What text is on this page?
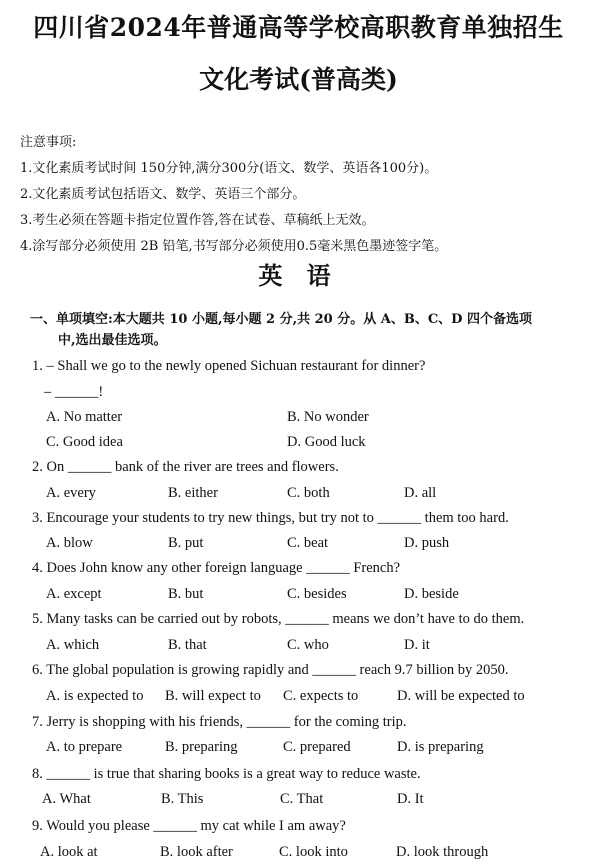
四川省2024年普通高等学校高职教育单独招生
文化考试(普高类)
注意事项:
1.文化素质考试时间 150分钟,满分300分(语文、数学、英语各100分)。
2.文化素质考试包括语文、数学、英语三个部分。
3.考生必须在答题卡指定位置作答,答在试卷、草稿纸上无效。
4.涂写部分必须使用 2B 铅笔,书写部分必须使用0.5毫米黑色墨迹签字笔。
英 语
一、单项填空:本大题共 10 小题,每小题 2 分,共 20 分。从 A、B、C、D 四个备选项
中,选出最佳选项。
1. – Shall we go to the newly opened Sichuan restaurant for dinner?
– ______!
A. No matter	B. No wonder
C. Good idea	D. Good luck
2. On ______ bank of the river are trees and flowers.
A. every	B. either	C. both	D. all
3. Encourage your students to try new things, but try not to ______ them too hard.
A. blow	B. put	C. beat	D. push
4. Does John know any other foreign language ______ French?
A. except	B. but	C. besides	D. beside
5. Many tasks can be carried out by robots, ______ means we don’t have to do them.
A. which	B. that	C. who	D. it
6. The global population is growing rapidly and ______ reach 9.7 billion by 2050.
A. is expected to B. will expect to C. expects to	D. will be expected to
7. Jerry is shopping with his friends, ______ for the coming trip.
A. to prepare	B. preparing	C. prepared	D. is preparing
8. ______ is true that sharing books is a great way to reduce waste.
A. What	B. This	C. That	D. It
9. Would you please ______ my cat while I am away?
A. look at	B. look after	C. look into	D. look through
